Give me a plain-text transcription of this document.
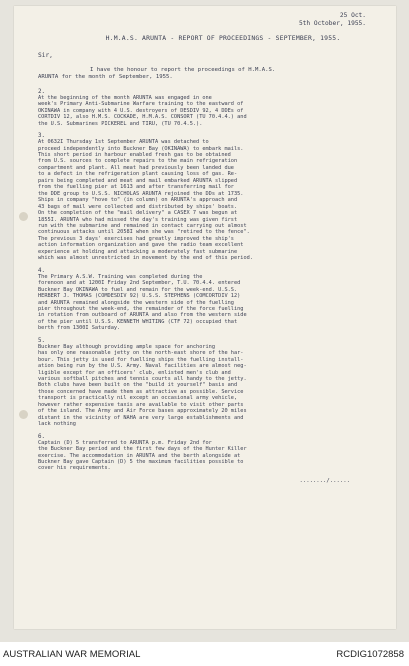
25 Oct.
5th October, 1955.
H.M.A.S. ARUNTA - REPORT OF PROCEEDINGS - SEPTEMBER, 1955.
Sir,

I have the honour to report the proceedings of H.M.A.S.
ARUNTA for the month of September, 1955.

2.

At the beginning of the month ARUNTA was engaged in one
week's Primary Anti-Submarine Warfare training to the eastward of
OKINAWA in company with 4 U.S. destroyers of DESDIV 92, 4 DDEs of
CORTDIV 12, also H.M.S. COCKADE, H.M.A.S. CONSORT (TU 70.4.4.) and
the U.S. Submarines PICKEREL and TIRU, (TU 70.4.5.).

3.

At 0632I Thursday 1st September ARUNTA was detached to
proceed independently into Buckner Bay (OKINAWA) to embark mails.
This short period in harbour enabled fresh gas to be obtained
from U.S. sources to complete repairs to the main refrigeration
compartment and plant. All meat had previously been landed due
to a defect in the refrigeration plant causing loss of gas. Re-
pairs being completed and meat and mail embarked ARUNTA slipped
from the fuelling pier at 1613 and after transferring mail for
the DDE group to U.S.S. NICHOLAS ARUNTA rejoined the DDs at 1735.
Ships in company "hove to" (in column) on ARUNTA's approach and
43 bags of mail were collected and distributed by ships' boats.
On the completion of the "mail delivery" a CASEX 7 was begun at
1855I. ARUNTA who had missed the day's training was given first
run with the submarine and remained in contact carrying out almost
continuous attacks until 2058I when she was "retired to the fence".
The previous 3 days' exercises had greatly improved the ship's
action information organization and gave the radio team excellent
experience at holding and attacking a moderately fast submarine
which was almost unrestricted in movement by the end of this period.

4.

The Primary A.S.W. Training was completed during the
forenoon and at 1200I Friday 2nd September, T.U. 70.4.4. entered
Buckner Bay OKINAWA to fuel and remain for the week-end. U.S.S.
HERBERT J. THOMAS (COMDESDIV 92) U.S.S. STEPHENS (COMCORTDIV 12)
and ARUNTA remained alongside the western side of the fuelling
pier throughout the week-end, the remainder of the force fuelling
in rotation from outboard of ARUNTA and also from the western side
of the pier until U.S.S. KENNETH WHITING (CTF 72) occupied that
berth from 1300I Saturday.

5.

Buckner Bay although providing ample space for anchoring
has only one reasonable jetty on the north-east shore of the har-
bour. This jetty is used for fuelling ships the fuelling install-
ation being run by the U.S. Army. Naval facilities are almost neg-
ligible except for an officers' club, enlisted men's club and
various softball pitches and tennis courts all handy to the jetty.
Both clubs have been built on the "build it yourself" basis and
those concerned have made them as attractive as possible. Service
transport is practically nil except an occasional army vehicle,
however rather expensive taxis are available to visit other parts
of the island. The Army and Air Force bases approximately 20 miles
distant in the vicinity of NAHA are very large establishments and
lack nothing

6.

Captain (D) 5 transferred to ARUNTA p.m. Friday 2nd for
the Buckner Bay period and the first few days of the Hunter Killer
exercise. The accommodation in ARUNTA and the berth alongside at
Buckner Bay gave Captain (D) 5 the maximum facilities possible to
cover his requirements.

......../......
AUSTRALIAN WAR MEMORIAL	RCDIG1072858
